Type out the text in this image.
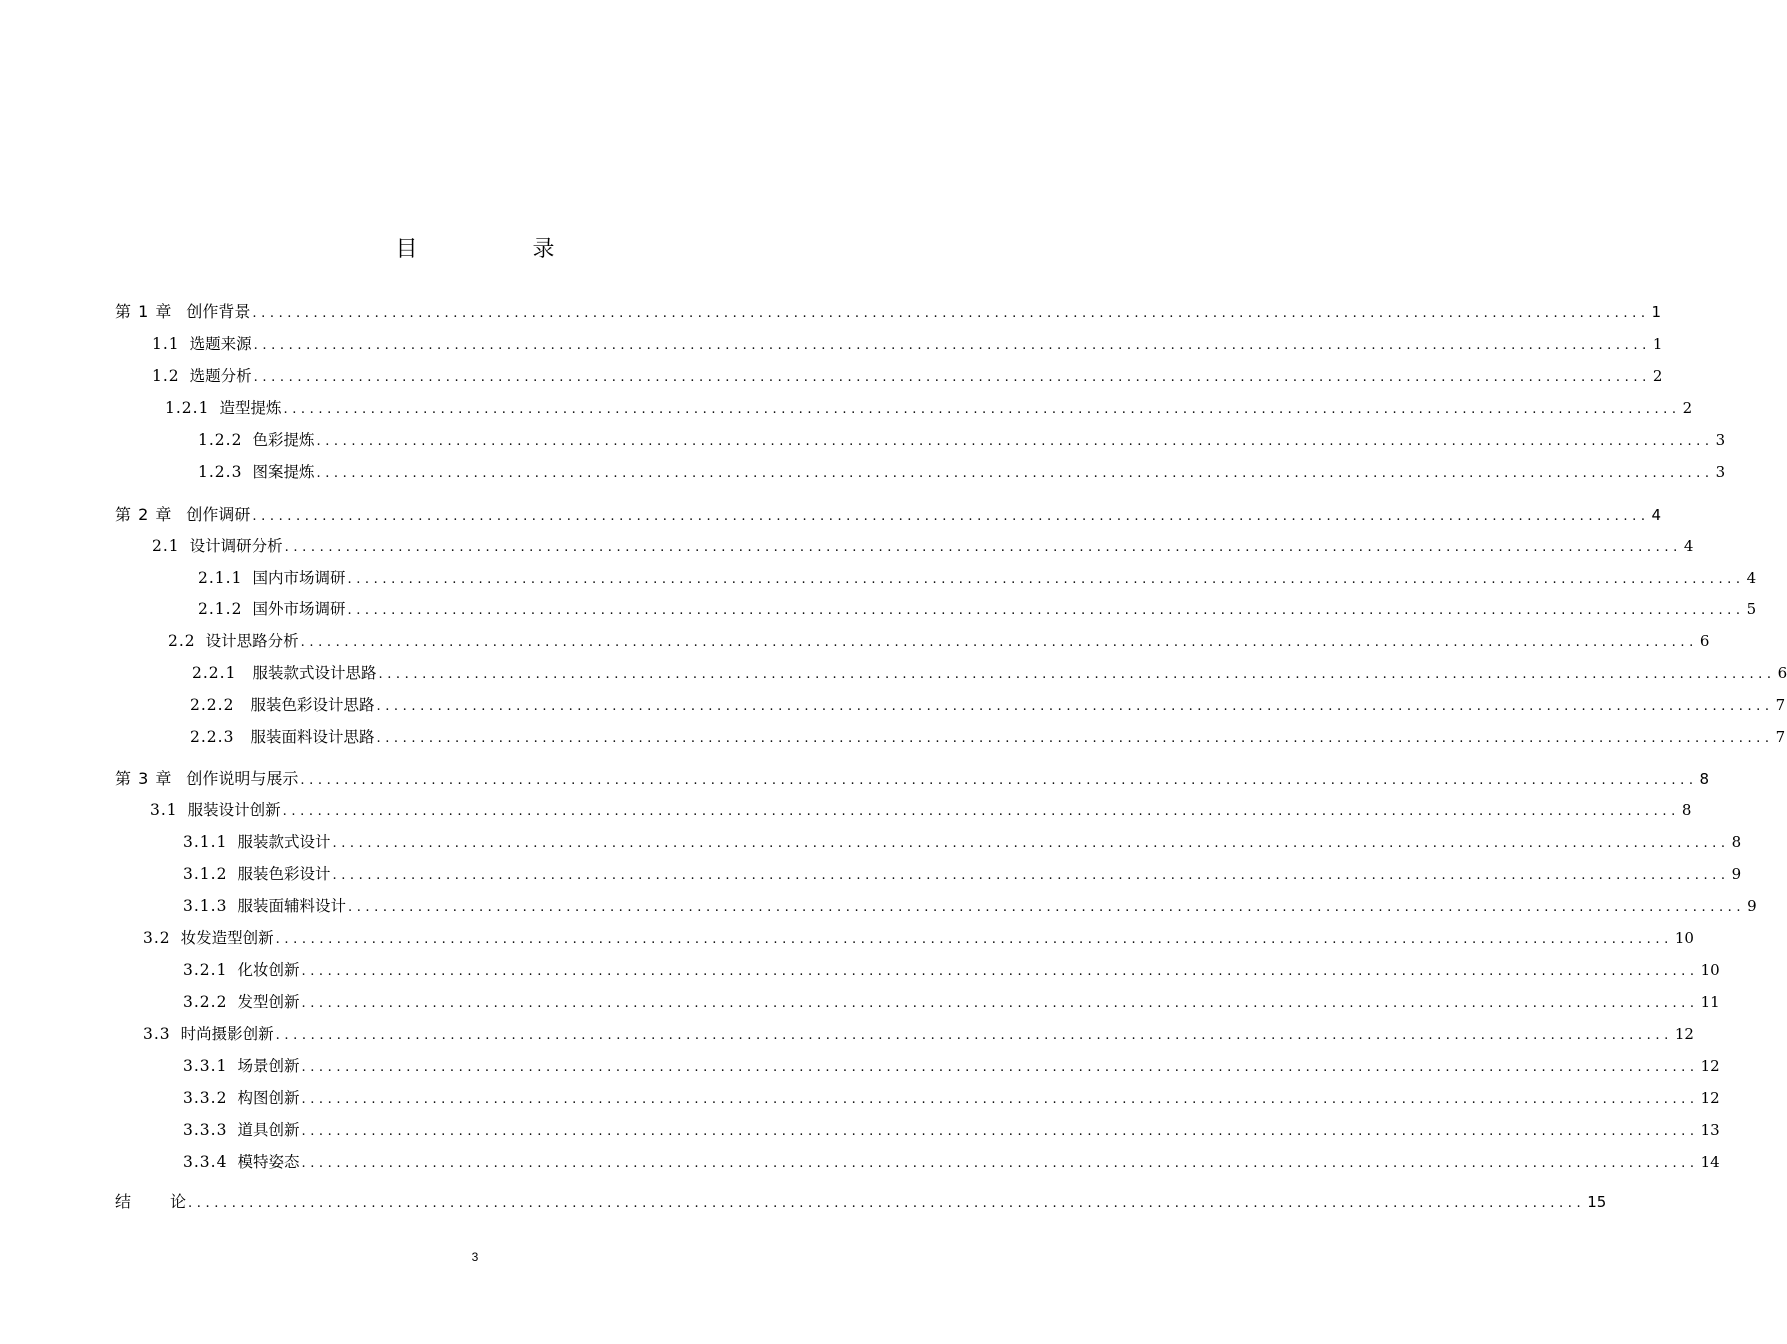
目 录
第 1 章 创作背景 ................................................................................................................................................................ 1
1.1 选题来源 ................................................................................................................................................................ 1
1.2 选题分析 ................................................................................................................................................................ 2
1.2.1 造型提炼 ................................................................................................................................................................ 2
1.2.2 色彩提炼 ................................................................................................................................................................ 3
1.2.3 图案提炼 ................................................................................................................................................................ 3
第 2 章 创作调研 ................................................................................................................................................................ 4
2.1 设计调研分析 ................................................................................................................................................................ 4
2.1.1 国内市场调研 ................................................................................................................................................................ 4
2.1.2 国外市场调研 ................................................................................................................................................................ 5
2.2 设计思路分析 ................................................................................................................................................................ 6
2.2.1 服装款式设计思路 ................................................................................................................................................................ 6
2.2.2 服装色彩设计思路 ................................................................................................................................................................ 7
2.2.3 服装面料设计思路 ................................................................................................................................................................ 7
第 3 章 创作说明与展示 ................................................................................................................................................................ 8
3.1 服装设计创新 ................................................................................................................................................................ 8
3.1.1 服装款式设计 ................................................................................................................................................................ 8
3.1.2 服装色彩设计 ................................................................................................................................................................ 9
3.1.3 服装面辅料设计 ................................................................................................................................................................ 9
3.2 妆发造型创新 ................................................................................................................................................................ 10
3.2.1 化妆创新 ................................................................................................................................................................ 10
3.2.2 发型创新 ................................................................................................................................................................ 11
3.3 时尚摄影创新 ................................................................................................................................................................ 12
3.3.1 场景创新 ................................................................................................................................................................ 12
3.3.2 构图创新 ................................................................................................................................................................ 12
3.3.3 道具创新 ................................................................................................................................................................ 13
3.3.4 模特姿态 ................................................................................................................................................................ 14
结 论 ................................................................................................................................................................ 15
3
